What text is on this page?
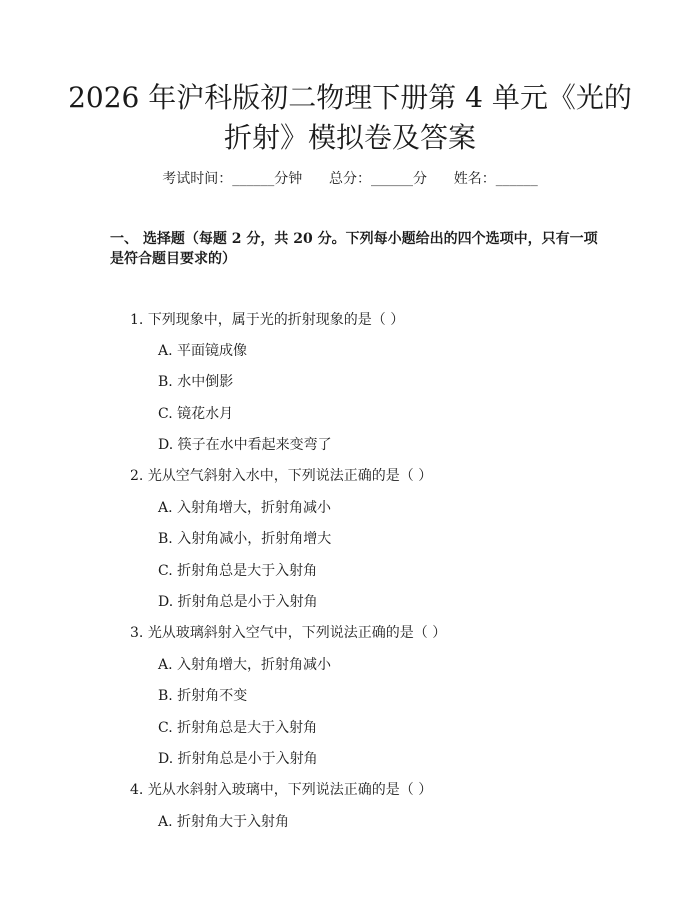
2026 年沪科版初二物理下册第 4 单元《光的折射》模拟卷及答案
考试时间：______分钟      总分：______分      姓名：______

一、 选择题（每题 2 分，共 20 分。下列每小题给出的四个选项中，只有一项是符合题目要求的）

1. 下列现象中，属于光的折射现象的是（ ）
A. 平面镜成像
B. 水中倒影
C. 镜花水月
D. 筷子在水中看起来变弯了
2. 光从空气斜射入水中，下列说法正确的是（ ）
A. 入射角增大，折射角减小
B. 入射角减小，折射角增大
C. 折射角总是大于入射角
D. 折射角总是小于入射角
3. 光从玻璃斜射入空气中，下列说法正确的是（ ）
A. 入射角增大，折射角减小
B. 折射角不变
C. 折射角总是大于入射角
D. 折射角总是小于入射角
4. 光从水斜射入玻璃中，下列说法正确的是（ ）
A. 折射角大于入射角
